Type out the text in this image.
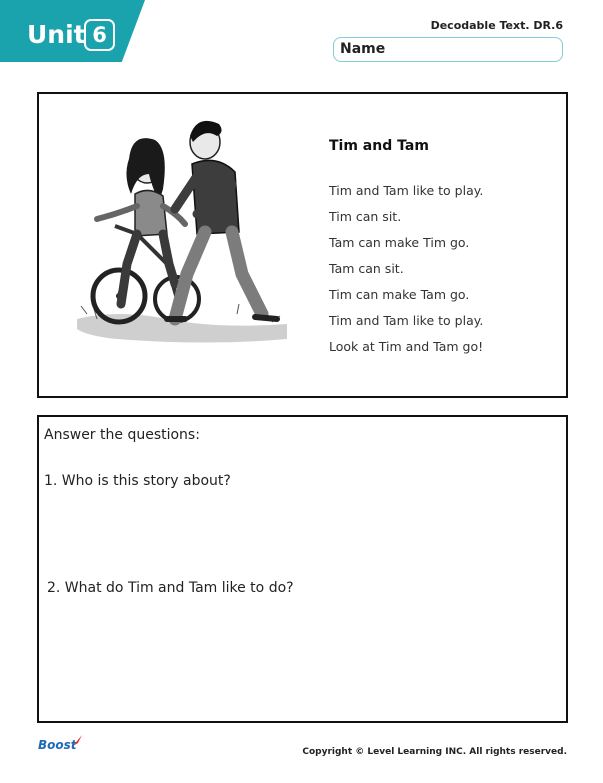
Unit 6	Decodable Text. DR.6
Name
Tim and Tam
Tim and Tam like to play.
Tim can sit.
Tam can make Tim go.
Tam can sit.
Tim can make Tam go.
Tim and Tam like to play.
Look at Tim and Tam go!
Answer the questions:
1. Who is this story about?
2. What do Tim and Tam like to do?
Boost	Copyright © Level Learning INC. All rights reserved.
